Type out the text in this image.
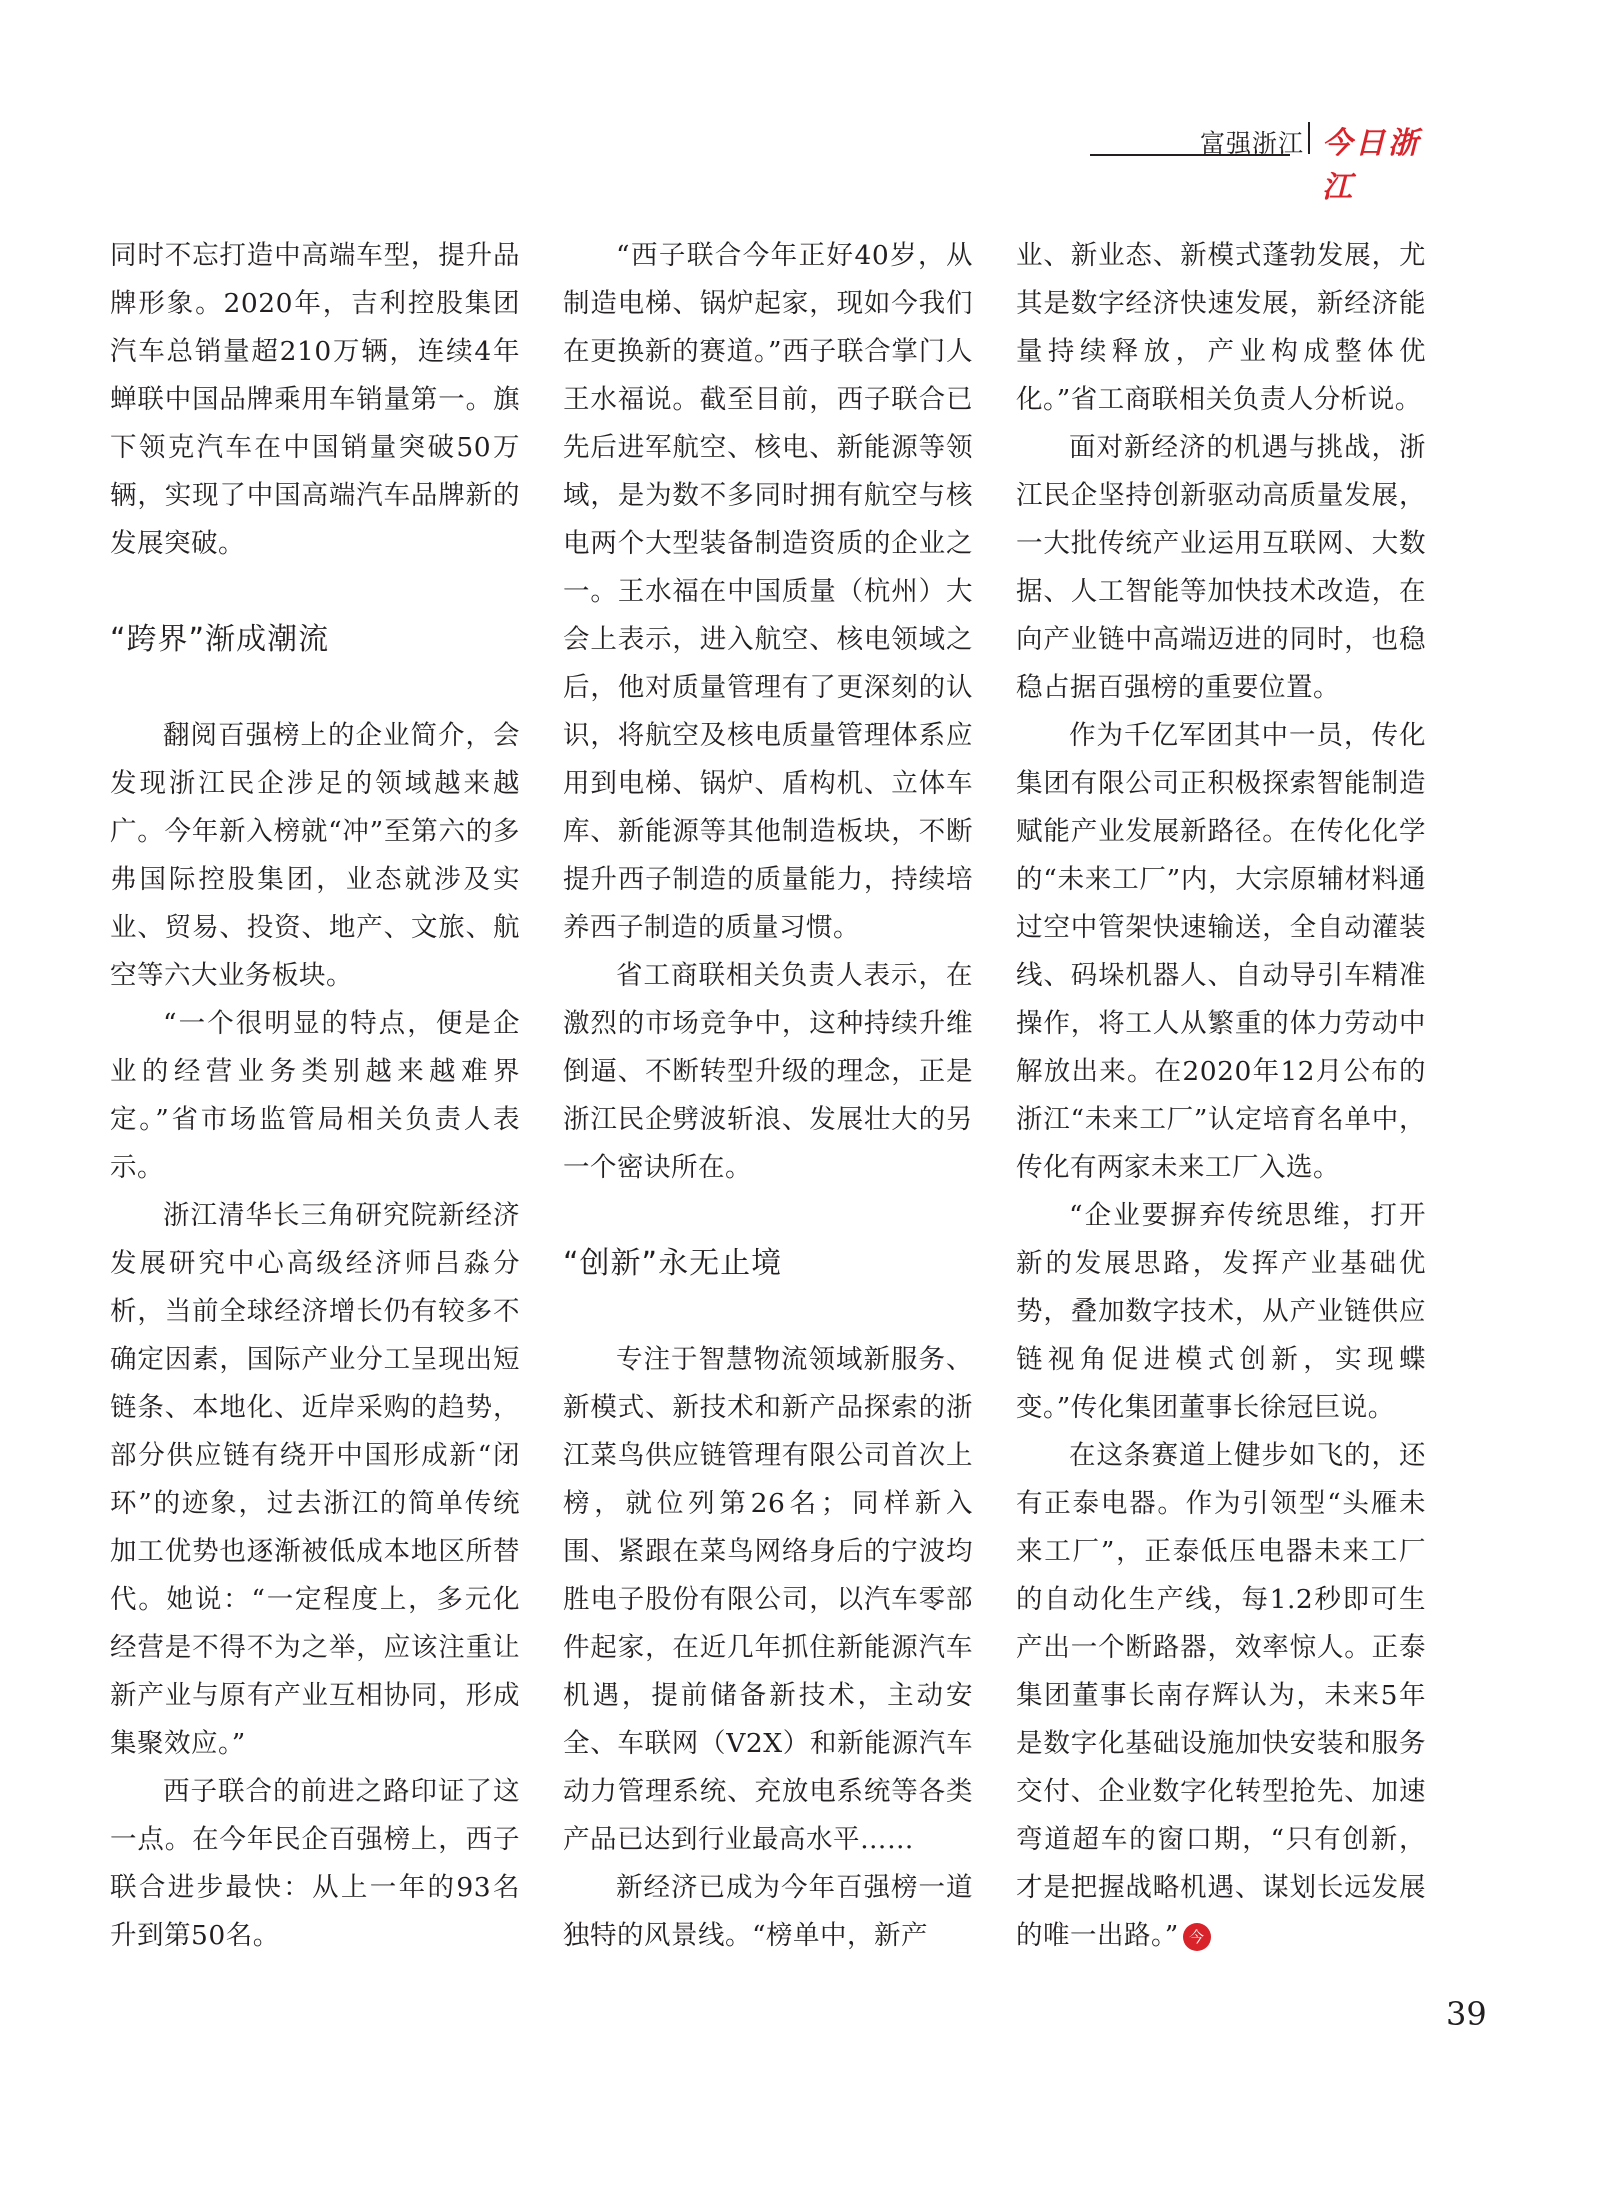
富强浙江 今日浙江

同时不忘打造中高端车型，提升品牌形象。2020年，吉利控股集团汽车总销量超210万辆，连续4年蝉联中国品牌乘用车销量第一。旗下领克汽车在中国销量突破50万辆，实现了中国高端汽车品牌新的发展突破。

“跨界”渐成潮流

翻阅百强榜上的企业简介，会发现浙江民企涉足的领域越来越广。今年新入榜就“冲”至第六的多弗国际控股集团，业态就涉及实业、贸易、投资、地产、文旅、航空等六大业务板块。

“一个很明显的特点，便是企业的经营业务类别越来越难界定。”省市场监管局相关负责人表示。

浙江清华长三角研究院新经济发展研究中心高级经济师吕淼分析，当前全球经济增长仍有较多不确定因素，国际产业分工呈现出短链条、本地化、近岸采购的趋势，部分供应链有绕开中国形成新“闭环”的迹象，过去浙江的简单传统加工优势也逐渐被低成本地区所替代。她说：“一定程度上，多元化经营是不得不为之举，应该注重让新产业与原有产业互相协同，形成集聚效应。”

西子联合的前进之路印证了这一点。在今年民企百强榜上，西子联合进步最快：从上一年的93名升到第50名。

“西子联合今年正好40岁，从制造电梯、锅炉起家，现如今我们在更换新的赛道。”西子联合掌门人王水福说。截至目前，西子联合已先后进军航空、核电、新能源等领域，是为数不多同时拥有航空与核电两个大型装备制造资质的企业之一。王水福在中国质量（杭州）大会上表示，进入航空、核电领域之后，他对质量管理有了更深刻的认识，将航空及核电质量管理体系应用到电梯、锅炉、盾构机、立体车库、新能源等其他制造板块，不断提升西子制造的质量能力，持续培养西子制造的质量习惯。

省工商联相关负责人表示，在激烈的市场竞争中，这种持续升维倒逼、不断转型升级的理念，正是浙江民企劈波斩浪、发展壮大的另一个密诀所在。

“创新”永无止境

专注于智慧物流领域新服务、新模式、新技术和新产品探索的浙江菜鸟供应链管理有限公司首次上榜，就位列第26名；同样新入围、紧跟在菜鸟网络身后的宁波均胜电子股份有限公司，以汽车零部件起家，在近几年抓住新能源汽车机遇，提前储备新技术，主动安全、车联网（V2X）和新能源汽车动力管理系统、充放电系统等各类产品已达到行业最高水平……

新经济已成为今年百强榜一道独特的风景线。“榜单中，新产

业、新业态、新模式蓬勃发展，尤其是数字经济快速发展，新经济能量持续释放，产业构成整体优化。”省工商联相关负责人分析说。

面对新经济的机遇与挑战，浙江民企坚持创新驱动高质量发展，一大批传统产业运用互联网、大数据、人工智能等加快技术改造，在向产业链中高端迈进的同时，也稳稳占据百强榜的重要位置。

作为千亿军团其中一员，传化集团有限公司正积极探索智能制造赋能产业发展新路径。在传化化学的“未来工厂”内，大宗原辅材料通过空中管架快速输送，全自动灌装线、码垛机器人、自动导引车精准操作，将工人从繁重的体力劳动中解放出来。在2020年12月公布的浙江“未来工厂”认定培育名单中，传化有两家未来工厂入选。

“企业要摒弃传统思维，打开新的发展思路，发挥产业基础优势，叠加数字技术，从产业链供应链视角促进模式创新，实现蝶变。”传化集团董事长徐冠巨说。

在这条赛道上健步如飞的，还有正泰电器。作为引领型“头雁未来工厂”，正泰低压电器未来工厂的自动化生产线，每1.2秒即可生产出一个断路器，效率惊人。正泰集团董事长南存辉认为，未来5年是数字化基础设施加快安装和服务交付、企业数字化转型抢先、加速弯道超车的窗口期，“只有创新，才是把握战略机遇、谋划长远发展的唯一出路。” 今

39
